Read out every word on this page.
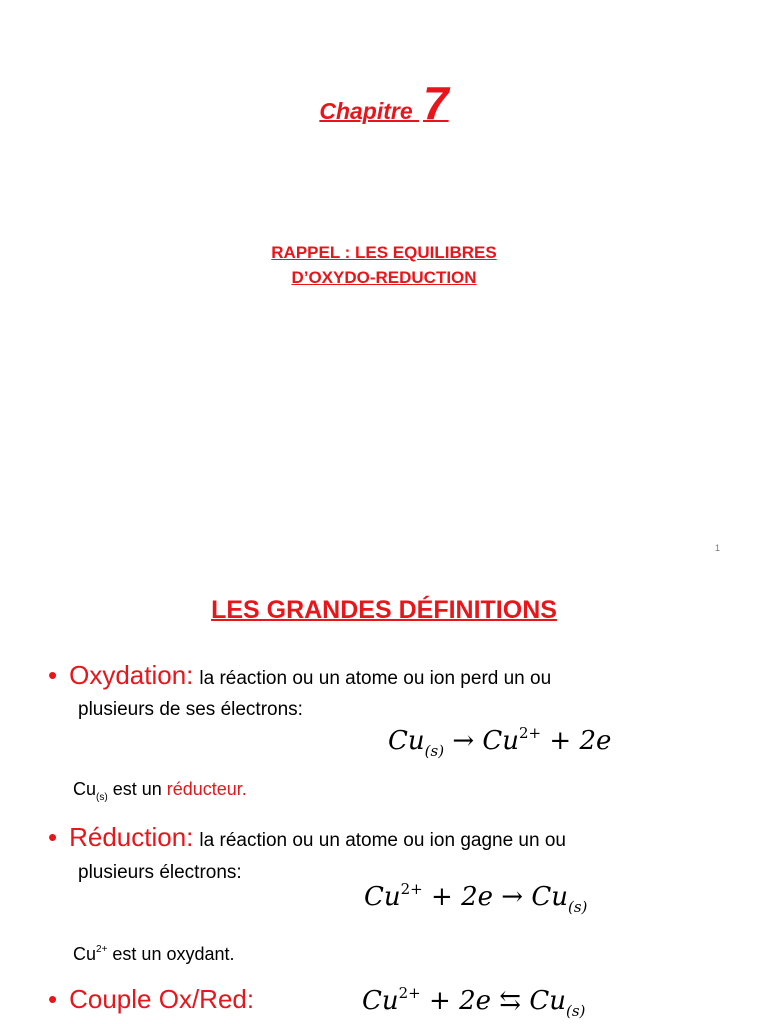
Chapitre 7
RAPPEL : LES EQUILIBRES
D’OXYDO-REDUCTION
1
LES GRANDES DÉFINITIONS
• Oxydation: la réaction ou un atome ou ion perd un ou
plusieurs de ses électrons:
$Cu_{(s)} \to Cu^{2+} + 2e$
$Cu_{(s)}$ est un réducteur.
• Réduction: la réaction ou un atome ou ion gagne un ou
plusieurs électrons:
$Cu^{2+} + 2e \to Cu_{(s)}$
$Cu^{2+}$ est un oxydant.
• Couple Ox/Red:	$Cu^{2+} + 2e$ ⇆ $Cu_{(s)}$
